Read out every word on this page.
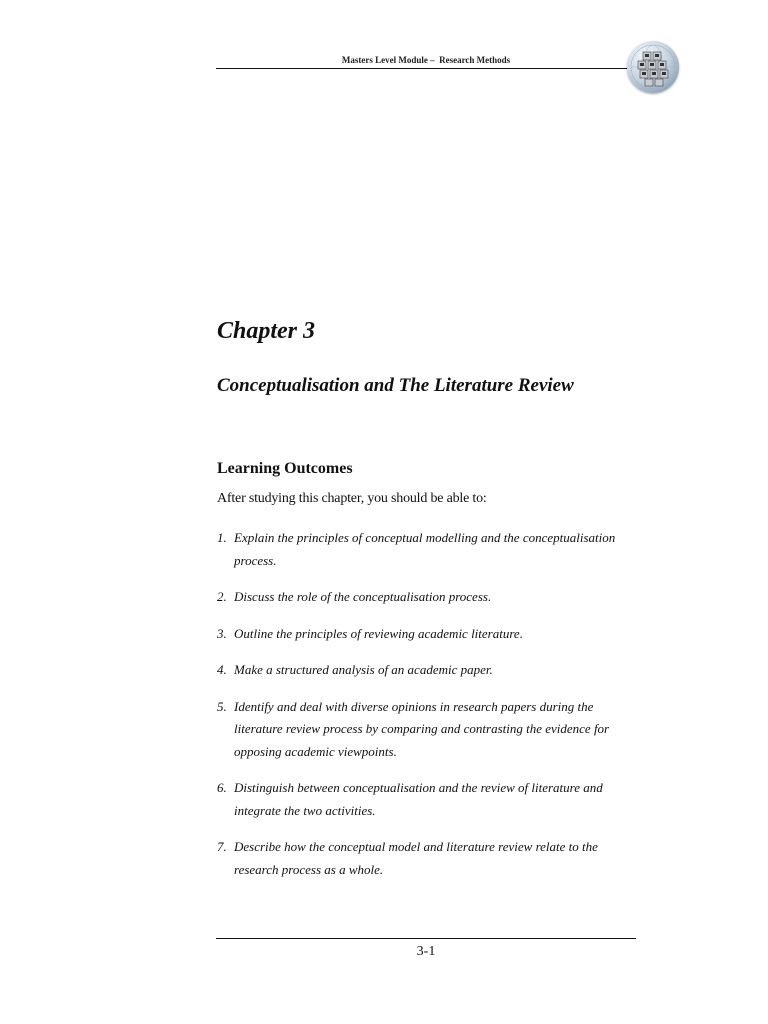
Masters Level Module –  Research Methods
Chapter 3
Conceptualisation and The Literature Review
Learning Outcomes
After studying this chapter, you should be able to:
1. Explain the principles of conceptual modelling and the conceptualisation process.
2. Discuss the role of the conceptualisation process.
3. Outline the principles of reviewing academic literature.
4. Make a structured analysis of an academic paper.
5. Identify and deal with diverse opinions in research papers during the literature review process by comparing and contrasting the evidence for opposing academic viewpoints.
6. Distinguish between conceptualisation and the review of literature and integrate the two activities.
7. Describe how the conceptual model and literature review relate to the research process as a whole.
3-1
